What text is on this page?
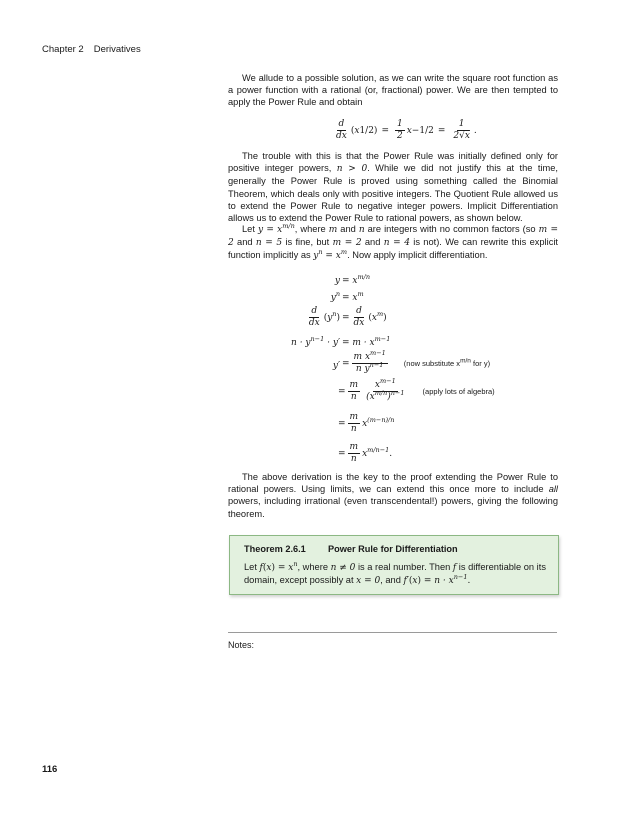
Chapter 2 Derivatives

We allude to a possible solution, as we can write the square root function as a power function with a rational (or, fractional) power. We are then tempted to apply the Power Rule and obtain

$\frac{d}{dx}$ ( x 1/2 ) = $\frac{1}{2}$ $x -1/2 = \frac{1}{2√x}$ .

The trouble with this is that the Power Rule was initially defined only for positive integer powers, n > 0. While we did not justify this at the time, generally the Power Rule is proved using something called the Binomial Theorem, which deals only with positive integers. The Quotient Rule allowed us to extend the Power Rule to negative integer powers. Implicit Differentiation allows us to extend the Power Rule to rational powers, as shown below.

Let $y = x^{m/n}$, where m and n are integers with no common factors (so m = 2 and n = 5 is fine, but m = 2 and n = 4 is not). We can rewrite this explicit function implicitly as $y^n = x^m$. Now apply implicit differentiation.

y
$y^n$
$\frac{d}{dx}$ ( $y^n$ )
$n \cdot y^{n-1} \cdot y'$
y′
= $x^{m/n}$
= $x^m$
= $\frac{d}{dx}$ ( $x^m$ )
= $m \cdot x^{m-1}$
= $\frac{m x^{m-1}}{n y^{n-1}} (now$ substitute $x^{m/n}$ for y)
= $\frac{m}{n} \frac{x^{m-1}}{(x^{m/n})^{n-1}}$ (apply lots of algebra)
= $\frac{m}{n} x^{(m-n)/n}$
= $\frac{m}{n} x^{m/n-1}$ .

The above derivation is the key to the proof extending the Power Rule to rational powers. Using limits, we can extend this once more to include all powers, including irrational (even transcendental!) powers, giving the following theorem.

Theorem 2.6.1 Power Rule for Differentiation
Let $f(x) = x^n$, where n ≠ 0 is a real number. Then f is differentiable on its domain, except possibly at x = 0, and $f'(x) = n \cdot x^{n-1}$.
Notes:
116
